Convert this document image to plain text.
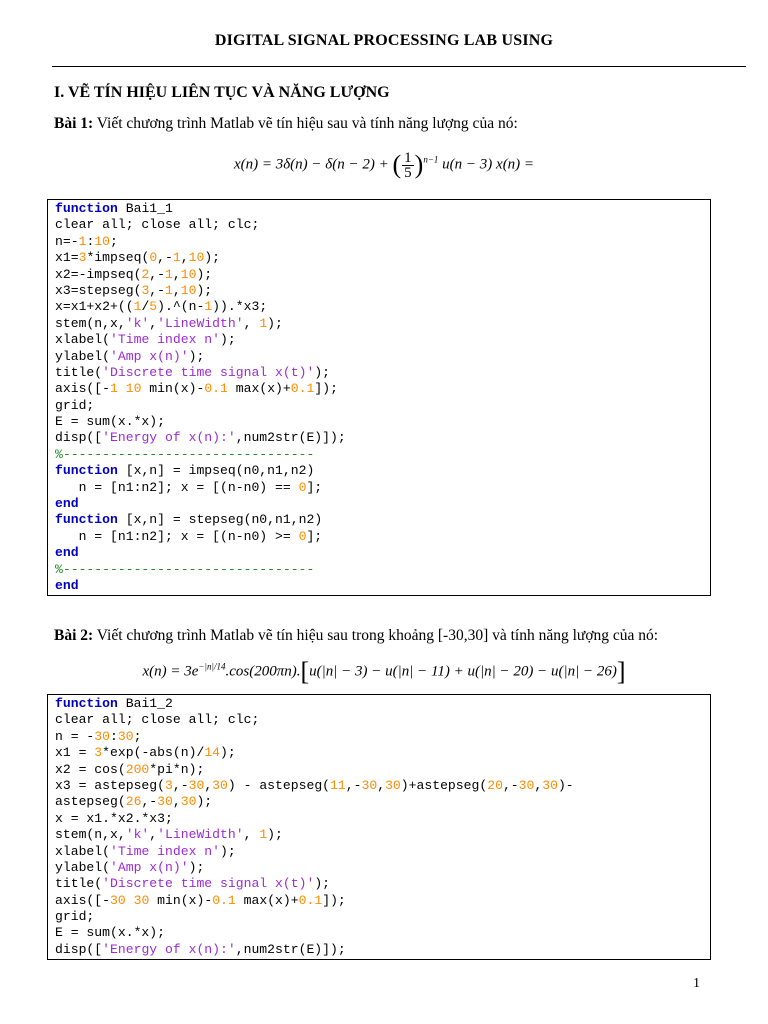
DIGITAL SIGNAL PROCESSING LAB USING
I. VẼ TÍN HIỆU LIÊN TỤC VÀ NĂNG LƯỢNG
Bài 1: Viết chương trình Matlab vẽ tín hiệu sau và tính năng lượng của nó:
x(n) = 3δ(n) − δ(n − 2) + ( $\frac{1}{5} )^{n-1}$ u(n − 3) x(n) =
function Bai1_1
clear all; close all; clc;
n=-1:10;
x1=3*impseq(0,-1,10);
x2=-impseq(2,-1,10);
x3=stepseg(3,-1,10);
x=x1+x2+((1/5).^(n-1)).*x3;
stem(n,x,'k','LineWidth', 1);
xlabel('Time index n');
ylabel('Amp x(n)');
title('Discrete time signal x(t)');
axis([-1 10 min(x)-0.1 max(x)+0.1]);
grid;
E = sum(x.*x);
disp(['Energy of x(n):',num2str(E)]);
%--------------------------------
function [x,n] = impseq(n0,n1,n2)
n = [n1:n2]; x = [(n-n0) == 0];
end
function [x,n] = stepseg(n0,n1,n2)
n = [n1:n2]; x = [(n-n0) >= 0];
end
%--------------------------------
end
Bài 2: Viết chương trình Matlab vẽ tín hiệu sau trong khoảng [-30,30] và tính năng lượng của nó:
$x(n) = 3e^{-|n|/14}.\cos(200\pi n).[u(|n| - 3) - u(|n| - 11) + u(|n| - 20) - u(|n| - 26)]$
function Bai1_2
clear all; close all; clc;
n = -30:30;
x1 = 3*exp(-abs(n)/14);
x2 = cos(200*pi*n);
x3 = astepseg(3,-30,30) - astepseg(11,-30,30)+astepseg(20,-30,30)-
astepseg(26,-30,30);
x = x1.*x2.*x3;
stem(n,x,'k','LineWidth', 1);
xlabel('Time index n');
ylabel('Amp x(n)');
title('Discrete time signal x(t)');
axis([-30 30 min(x)-0.1 max(x)+0.1]);
grid;
E = sum(x.*x);
disp(['Energy of x(n):',num2str(E)]);
1
